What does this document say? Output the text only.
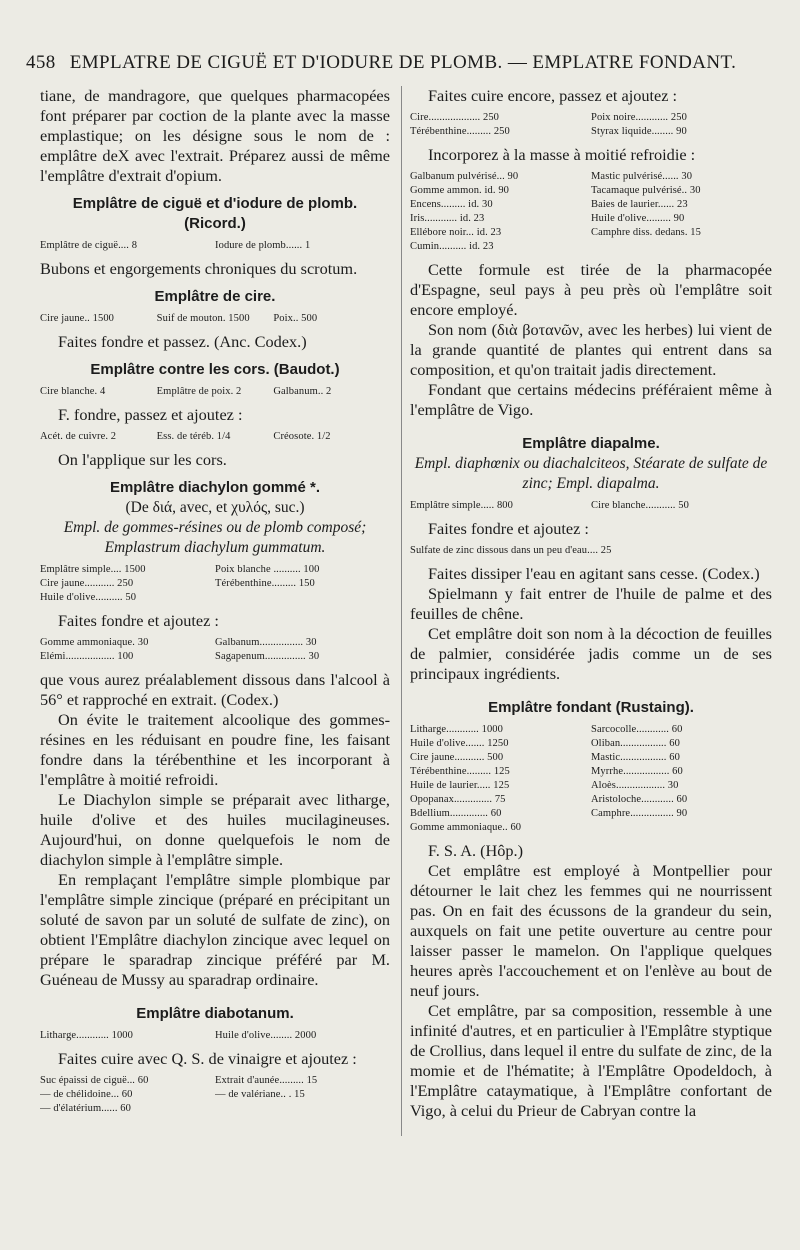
458 EMPLATRE DE CIGUË ET D'IODURE DE PLOMB. — EMPLATRE FONDANT.

tiane, de mandragore, que quelques pharmacopées font préparer par coction de la plante avec la masse emplastique; on les désigne sous le nom de : emplâtre deX avec l'extrait. Préparez aussi de même l'emplâtre d'extrait d'opium.

Emplâtre de ciguë et d'iodure de plomb.
(Ricord.)
Emplâtre de ciguë.... 8	Iodure de plomb...... 1

Bubons et engorgements chroniques du scrotum.

Emplâtre de cire.
Cire jaune.. 1500	Suif de mouton. 1500	Poix.. 500

Faites fondre et passez. (Anc. Codex.)

Emplâtre contre les cors. (Baudot.)
Cire blanche. 4	Emplâtre de poix. 2	Galbanum.. 2

F. fondre, passez et ajoutez :

Acét. de cuivre. 2	Ess. de téréb. 1/4	Créosote. 1/2

On l'applique sur les cors.

Emplâtre diachylon gommé *.
(De διά, avec, et χυλός, suc.)
Empl. de gommes-résines ou de plomb composé; Emplastrum diachylum gummatum.
Emplâtre simple.... 1500	Poix blanche .......... 100
Cire jaune........... 250	Térébenthine......... 150
Huile d'olive.......... 50

Faites fondre et ajoutez :

Gomme ammoniaque. 30	Galbanum................ 30
Elémi.................. 100	Sagapenum............... 30

que vous aurez préalablement dissous dans l'alcool à 56° et rapproché en extrait. (Codex.)

On évite le traitement alcoolique des gommes-résines en les réduisant en poudre fine, les faisant fondre dans la térébenthine et les incorporant à l'emplâtre à moitié refroidi.

Le Diachylon simple se préparait avec litharge, huile d'olive et des huiles mucilagineuses. Aujourd'hui, on donne quelquefois le nom de diachylon simple à l'emplâtre simple.

En remplaçant l'emplâtre simple plombique par l'emplâtre simple zincique (préparé en précipitant un soluté de savon par un soluté de sulfate de zinc), on obtient l'Emplâtre diachylon zincique avec lequel on prépare le sparadrap zincique préféré par M. Guéneau de Mussy au sparadrap ordinaire.

Emplâtre diabotanum.
Litharge............ 1000	Huile d'olive........ 2000

Faites cuire avec Q. S. de vinaigre et ajoutez :

Suc épaissi de ciguë... 60	Extrait d'aunée......... 15
— de chélidoine... 60	— de valériane.. . 15
— d'élatérium...... 60

Faites cuire encore, passez et ajoutez :

Cire................... 250	Poix noire............ 250
Térébenthine......... 250	Styrax liquide........ 90

Incorporez à la masse à moitié refroidie :

Galbanum pulvérisé... 90	Mastic pulvérisé...... 30
Gomme ammon. id. 90	Tacamaque pulvérisé.. 30
Encens......... id. 30	Baies de laurier...... 23
Iris............ id. 23	Huile d'olive......... 90
Ellébore noir... id. 23	Camphre diss. dedans. 15
Cumin.......... id. 23

Cette formule est tirée de la pharmacopée d'Espagne, seul pays à peu près où l'emplâtre soit encore employé.

Son nom (διὰ βοτανῶν, avec les herbes) lui vient de la grande quantité de plantes qui entrent dans sa composition, et qu'on traitait jadis directement.

Fondant que certains médecins préféraient même à l'emplâtre de Vigo.

Emplâtre diapalme.
Empl. diaphœnix ou diachalciteos, Stéarate de sulfate de zinc; Empl. diapalma.
Emplâtre simple..... 800	Cire blanche........... 50

Faites fondre et ajoutez :

Sulfate de zinc dissous dans un peu d'eau.... 25

Faites dissiper l'eau en agitant sans cesse. (Codex.)

Spielmann y fait entrer de l'huile de palme et des feuilles de chêne.

Cet emplâtre doit son nom à la décoction de feuilles de palmier, considérée jadis comme un de ses principaux ingrédients.

Emplâtre fondant (Rustaing).
Litharge............ 1000	Sarcocolle............ 60
Huile d'olive....... 1250	Oliban................. 60
Cire jaune........... 500	Mastic................. 60
Térébenthine......... 125	Myrrhe................. 60
Huile de laurier..... 125	Aloès.................. 30
Opopanax.............. 75	Aristoloche............ 60
Bdellium.............. 60	Camphre................ 90
Gomme ammoniaque.. 60

F. S. A. (Hôp.)

Cet emplâtre est employé à Montpellier pour détourner le lait chez les femmes qui ne nourrissent pas. On en fait des écussons de la grandeur du sein, auxquels on fait une petite ouverture au centre pour laisser passer le mamelon. On l'applique quelques heures après l'accouchement et on l'enlève au bout de neuf jours.

Cet emplâtre, par sa composition, ressemble à une infinité d'autres, et en particulier à l'Emplâtre styptique de Crollius, dans lequel il entre du sulfate de zinc, de la momie et de l'hématite; à l'Emplâtre Opodeldoch, à l'Emplâtre cataymatique, à l'Emplâtre confortant de Vigo, à celui du Prieur de Cabryan contre la
